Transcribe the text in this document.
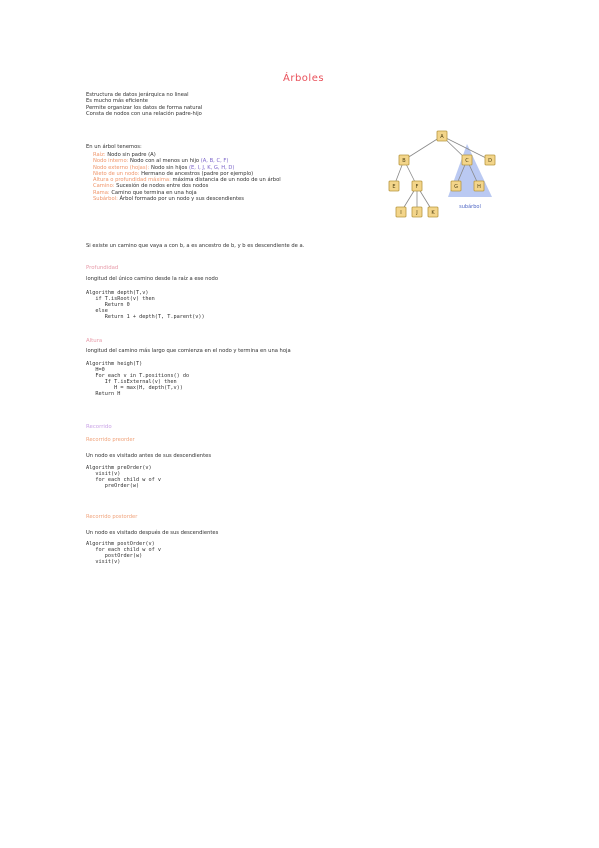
Árboles
Estructura de datos jerárquica no lineal
Es mucho más eficiente
Permite organizar los datos de forma natural
Consta de nodos con una relación padre-hijo
En un árbol tenemos:
Raíz: Nodo sin padre (A)
Nodo interno: Nodo con al menos un hijo (A, B, C, F)
Nodo externo (hojas): Nodo sin hijos (E, I, J, K, G, H, D)
Nieto de un nodo: Hermano de ancestros (padre por ejemplo)
Altura o profundidad máxima: máxima distancia de un nodo de un árbol
Camino: Sucesión de nodos entre dos nodos
Rama: Camino que termina en una hoja
Subárbol: Árbol formado por un nodo y sus descendientes
A
B	C	D
E	F	G	H
I	J	K
subárbol
Si existe un camino que vaya a con b, a es ancestro de b, y b es descendiente de a.
Profundidad
longitud del único camino desde la raíz a ese nodo
Algorithm depth(T,v)
if T.isRoot(v) then
Return 0
else
Return 1 + depth(T, T.parent(v))
Altura
longitud del camino más largo que comienza en el nodo y termina en una hoja
Algorithm heigh(T)
H=0
For each v in T.positions() do
If T.isExternal(v) then
H = max(H, depth(T,v))
Return H
Recorrido
Recorrido preorder
Un nodo es visitado antes de sus descendientes
Algorithm preOrder(v)
visit(v)
for each child w of v
preOrder(w)
Recorrido postorder
Un nodo es visitado después de sus descendientes
Algorithm postOrder(v)
for each child w of v
postOrder(w)
visit(v)
